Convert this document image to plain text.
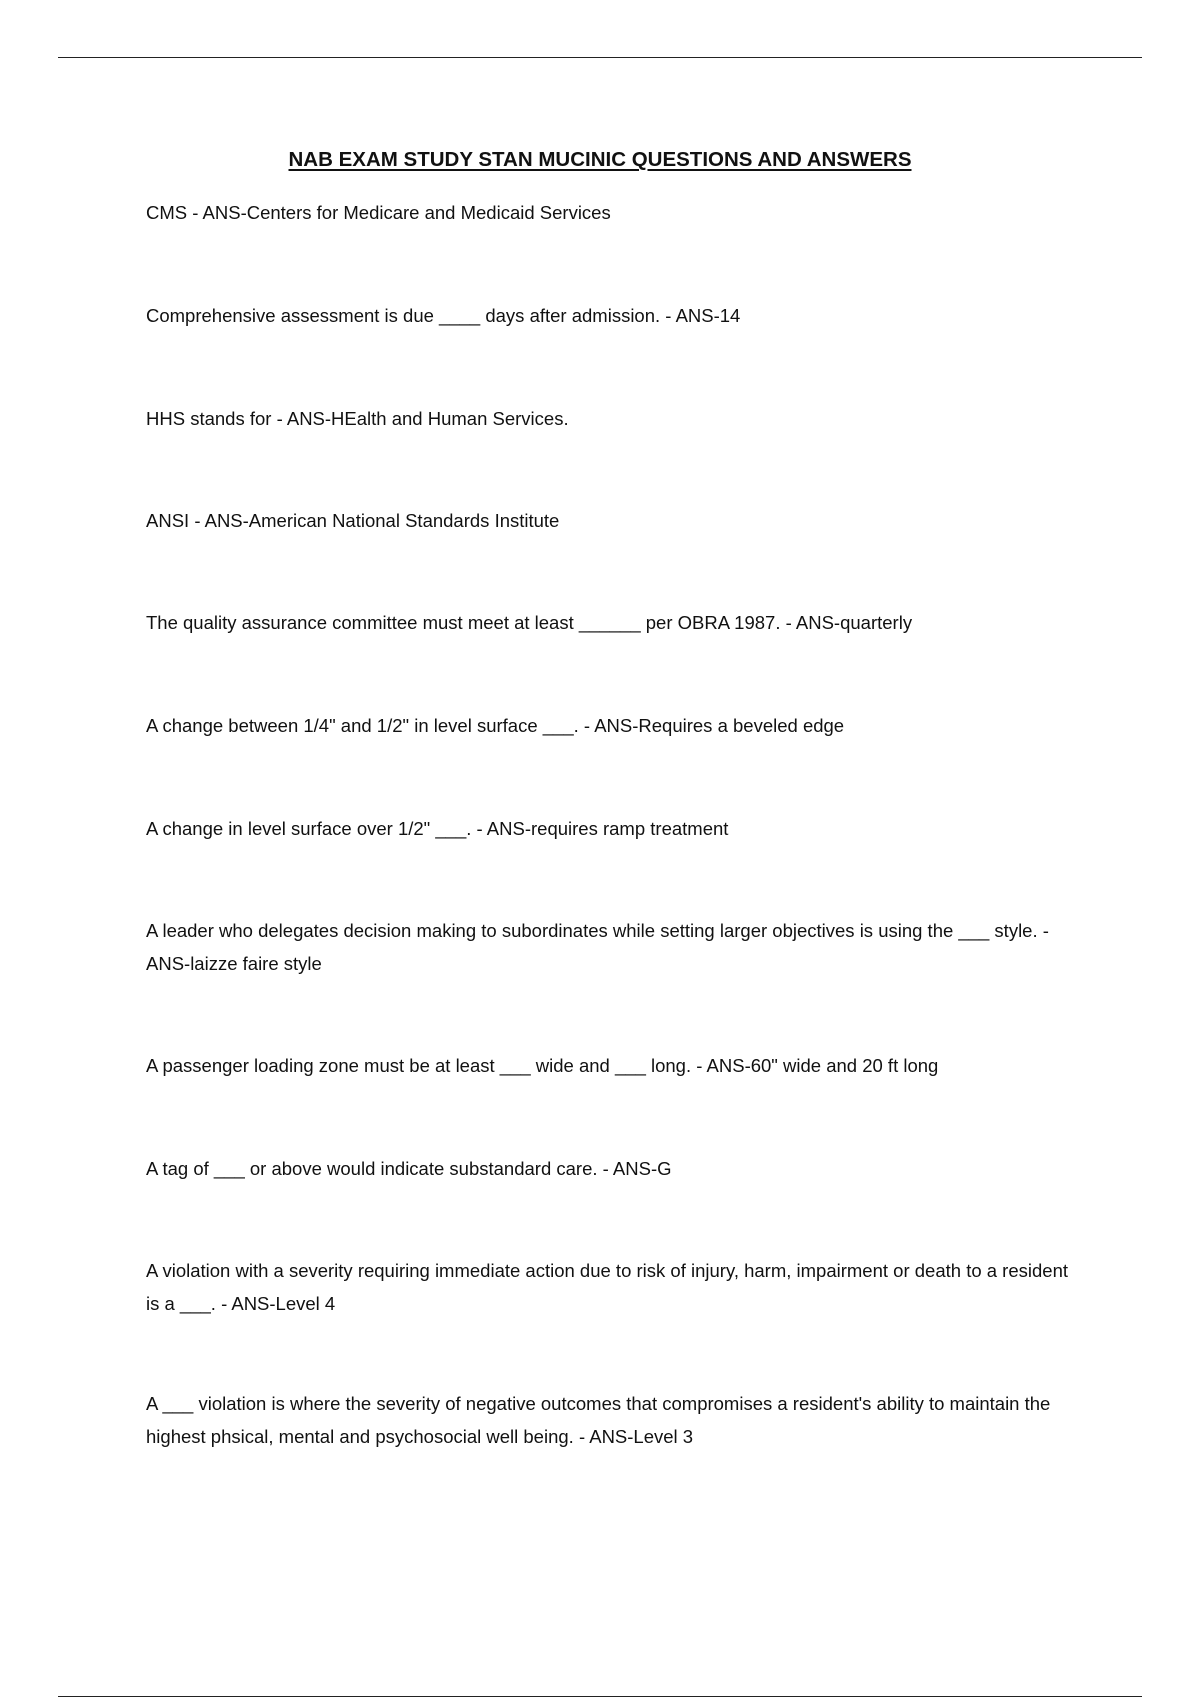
NAB EXAM STUDY STAN MUCINIC QUESTIONS AND ANSWERS

CMS - ANS-Centers for Medicare and Medicaid Services

Comprehensive assessment is due ____ days after admission. - ANS-14

HHS stands for - ANS-HEalth and Human Services.

ANSI - ANS-American National Standards Institute

The quality assurance committee must meet at least ______ per OBRA 1987. - ANS-quarterly

A change between 1/4" and 1/2" in level surface ___. - ANS-Requires a beveled edge

A change in level surface over 1/2" ___. - ANS-requires ramp treatment

A leader who delegates decision making to subordinates while setting larger objectives is using the ___ style. - ANS-laizze faire style

A passenger loading zone must be at least ___ wide and ___ long. - ANS-60" wide and 20 ft long

A tag of ___ or above would indicate substandard care. - ANS-G

A violation with a severity requiring immediate action due to risk of injury, harm, impairment or death to a resident is a ___. - ANS-Level 4

A ___ violation is where the severity of negative outcomes that compromises a resident's ability to maintain the highest phsical, mental and psychosocial well being. - ANS-Level 3
